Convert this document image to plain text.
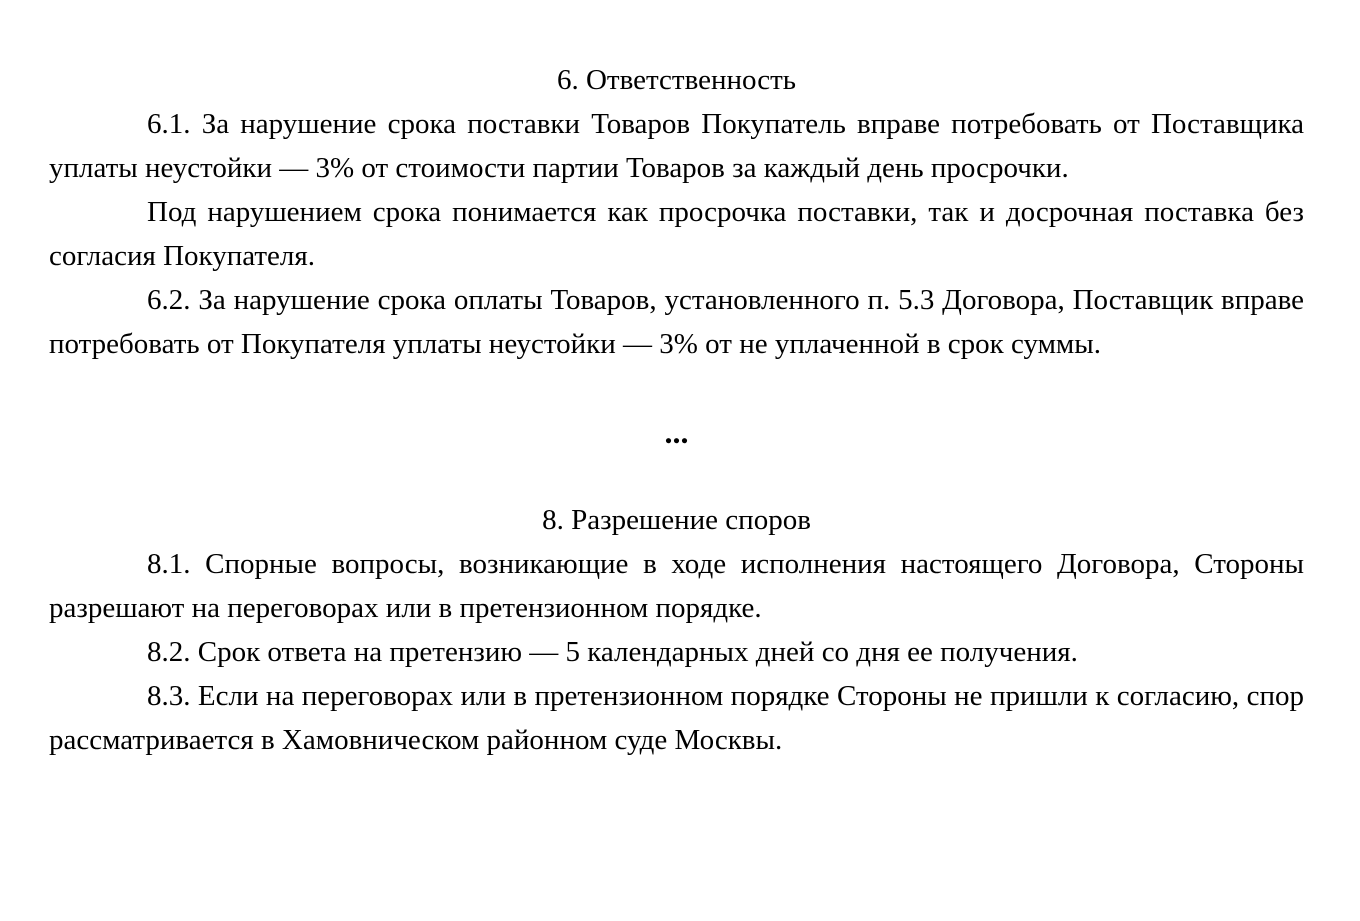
6. Ответственность

6.1. За нарушение срока поставки Товаров Покупатель вправе потребовать от Поставщика уплаты неустойки — 3% от стоимости партии Товаров за каждый день просрочки.

Под нарушением срока понимается как просрочка поставки, так и досрочная поставка без согласия Покупателя.

6.2. За нарушение срока оплаты Товаров, установленного п. 5.3 Договора, Поставщик вправе потребовать от Покупателя уплаты неустойки — 3% от не уплаченной в срок суммы.

...
8. Разрешение споров

8.1. Спорные вопросы, возникающие в ходе исполнения настоящего Договора, Стороны разрешают на переговорах или в претензионном порядке.

8.2. Срок ответа на претензию — 5 календарных дней со дня ее получения.

8.3. Если на переговорах или в претензионном порядке Стороны не пришли к согласию, спор рассматривается в Хамовническом районном суде Москвы.
